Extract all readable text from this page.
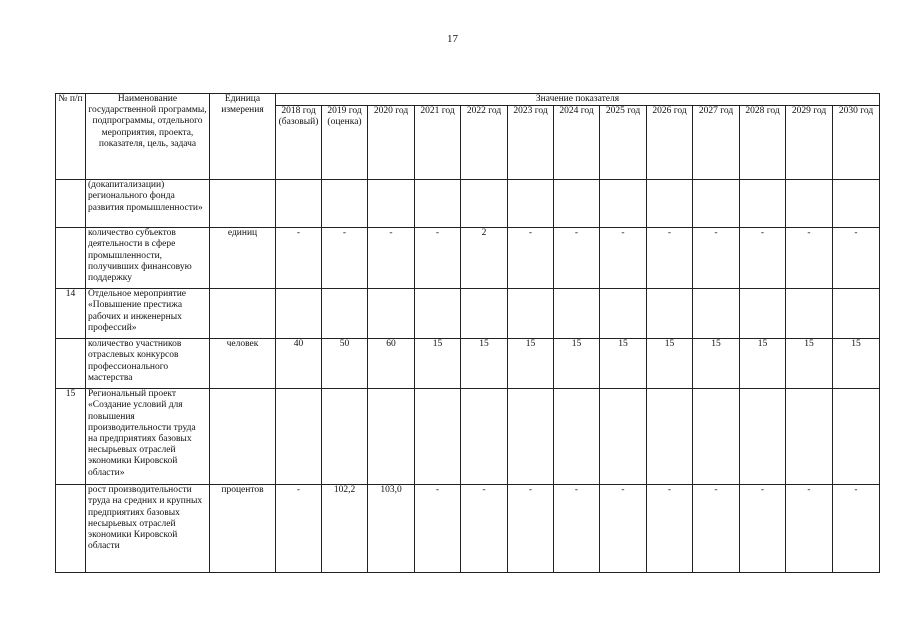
17
№ п/п	Наименование государственной программы, подпрограммы, отдельного мероприятия, проекта, показателя, цель, задача	Единица измерения	Значение показателя												
			2018 год (базовый)	2019 год (оценка)	2020 год	2021 год	2022 год	2023 год	2024 год	2025 год	2026 год	2027 год	2028 год	2029 год	2030 год
	(докапитализации) регионального фонда развития промышленности»														
	количество субъектов деятельности в сфере промышленности, получивших финансовую поддержку	единиц	-	-	-	-	2	-	-	-	-	-	-	-	-
14	Отдельное мероприятие «Повышение престижа рабочих и инженерных профессий»														
	количество участников отраслевых конкурсов профессионального мастерства	человек	40	50	60	15	15	15	15	15	15	15	15	15	15
15	Региональный проект «Создание условий для повышения производительности труда на предприятиях базовых несырьевых отраслей экономики Кировской области»														
	рост производительности труда на средних и крупных предприятиях базовых несырьевых отраслей экономики Кировской области	процентов	-	102,2	103,0	-	-	-	-	-	-	-	-	-	-
